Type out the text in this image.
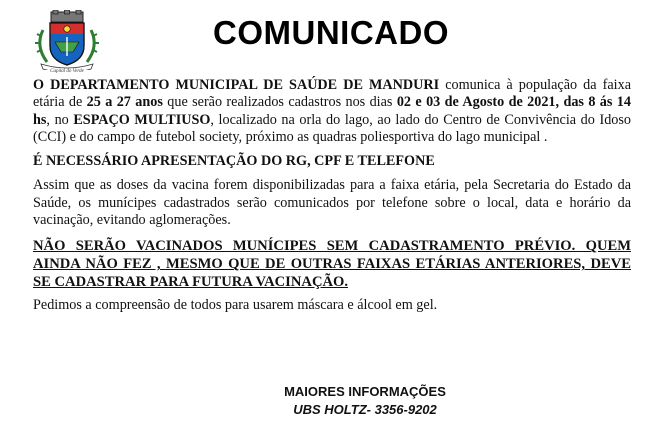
Capital do Verde
COMUNICADO

O DEPARTAMENTO MUNICIPAL DE SAÚDE DE MANDURI comunica à população da faixa etária de 25 a 27 anos que serão realizados cadastros nos dias 02 e 03 de Agosto de 2021, das 8 ás 14 hs, no ESPAÇO MULTIUSO, localizado na orla do lago, ao lado do Centro de Convivência do Idoso (CCI) e do campo de futebol society, próximo as quadras poliesportiva do lago municipal .

É NECESSÁRIO APRESENTAÇÃO DO RG, CPF E TELEFONE

Assim que as doses da vacina forem disponibilizadas para a faixa etária, pela Secretaria do Estado da Saúde, os munícipes cadastrados serão comunicados por telefone sobre o local, data e horário da vacinação, evitando aglomerações.

NÃO SERÃO VACINADOS MUNÍCIPES SEM CADASTRAMENTO PRÉVIO. QUEM AINDA NÃO FEZ , MESMO QUE DE OUTRAS FAIXAS ETÁRIAS ANTERIORES, DEVE SE CADASTRAR PARA FUTURA VACINAÇÃO.

Pedimos a compreensão de todos para usarem máscara e álcool em gel.

MAIORES INFORMAÇÕES
UBS HOLTZ- 3356-9202
